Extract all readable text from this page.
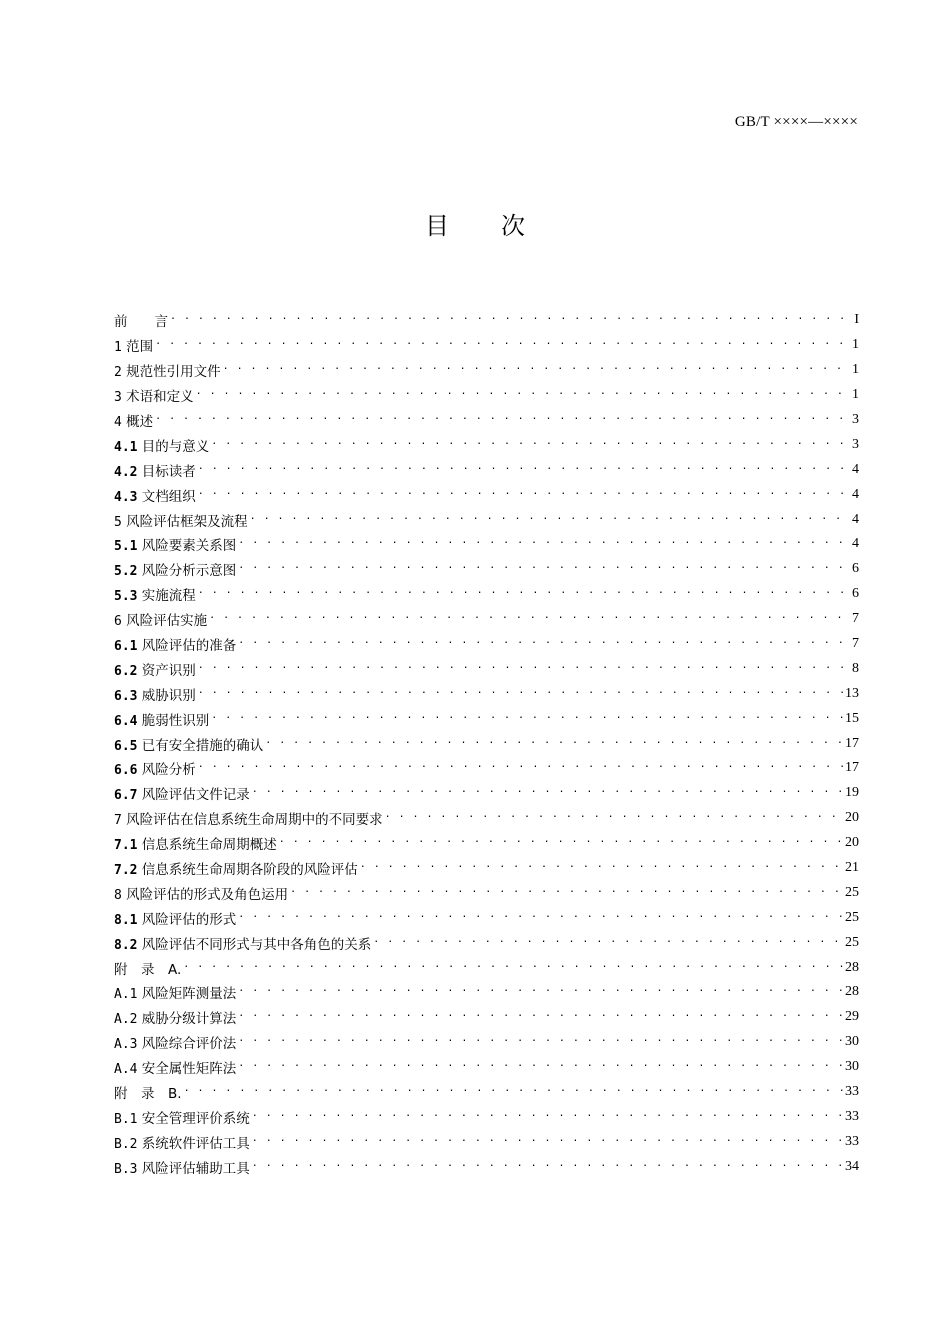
GB/T ××××—××××
目 次
前　　言 . . .	I
1 范围 . . .	1
2 规范性引用文件 . . .	1
3 术语和定义 . . .	1
4 概述 . . .	3
4.1 目的与意义 . . .	3
4.2 目标读者 . . .	4
4.3 文档组织 . . .	4
5 风险评估框架及流程 . . .	4
5.1 风险要素关系图 . . .	4
5.2 风险分析示意图 . . .	6
5.3 实施流程 . . .	6
6 风险评估实施 . . .	7
6.1 风险评估的准备 . . .	7
6.2 资产识别 . . .	8
6.3 威胁识别 . . .	13
6.4 脆弱性识别 . . .	15
6.5 已有安全措施的确认 . . .	17
6.6 风险分析 . . .	17
6.7 风险评估文件记录 . . .	19
7 风险评估在信息系统生命周期中的不同要求 . . .	20
7.1 信息系统生命周期概述 . . .	20
7.2 信息系统生命周期各阶段的风险评估 . . .	21
8 风险评估的形式及角色运用 . . .	25
8.1 风险评估的形式 . . .	25
8.2 风险评估不同形式与其中各角色的关系 . . .	25
附　录　A. . . .	28
A.1 风险矩阵测量法 . . .	28
A.2 威胁分级计算法 . . .	29
A.3 风险综合评价法 . . .	30
A.4 安全属性矩阵法 . . .	30
附　录　B. . . .	33
B.1 安全管理评价系统 . . .	33
B.2 系统软件评估工具 . . .	33
B.3 风险评估辅助工具 . . .	34
